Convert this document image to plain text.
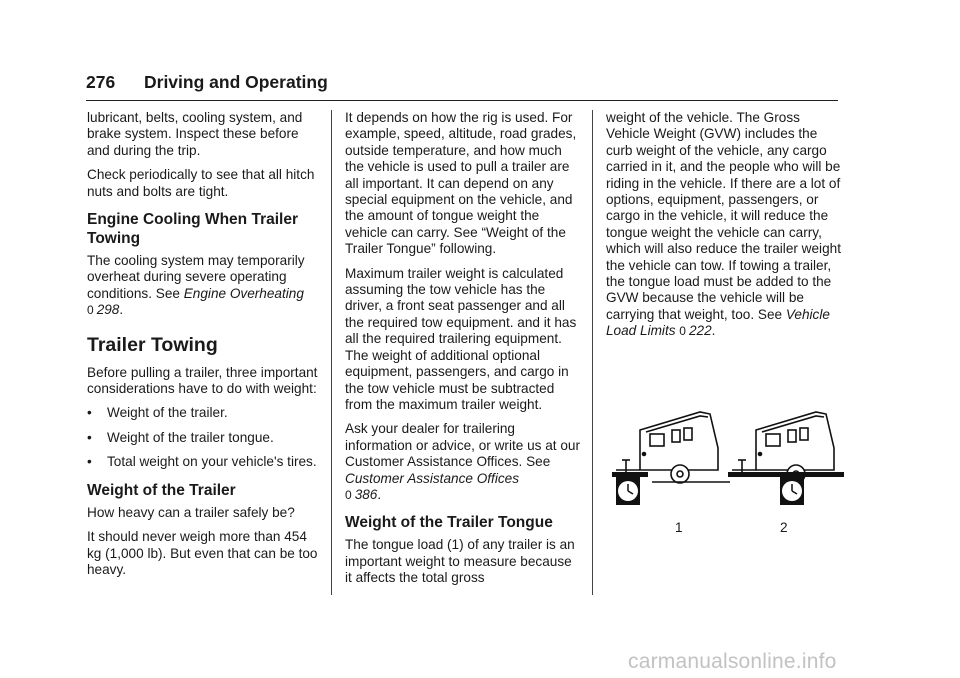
276 Driving and Operating

lubricant, belts, cooling system, and brake system. Inspect these before and during the trip.

Check periodically to see that all hitch nuts and bolts are tight.

Engine Cooling When Trailer Towing

The cooling system may temporarily overheat during severe operating conditions. See Engine Overheating
0 298.

Trailer Towing

Before pulling a trailer, three important considerations have to do with weight:

• Weight of the trailer.
• Weight of the trailer tongue.
• Total weight on your vehicle's tires.
Weight of the Trailer

How heavy can a trailer safely be?

It should never weigh more than 454 kg (1,000 lb). But even that can be too heavy.

It depends on how the rig is used. For example, speed, altitude, road grades, outside temperature, and how much the vehicle is used to pull a trailer are all important. It can depend on any special equipment on the vehicle, and the amount of tongue weight the vehicle can carry. See “Weight of the Trailer Tongue” following.

Maximum trailer weight is calculated assuming the tow vehicle has the driver, a front seat passenger and all the required tow equipment. and it has all the required trailering equipment. The weight of additional optional equipment, passengers, and cargo in the tow vehicle must be subtracted from the maximum trailer weight.

Ask your dealer for trailering information or advice, or write us at our Customer Assistance Offices. See Customer Assistance Offices
0 386.

Weight of the Trailer Tongue

The tongue load (1) of any trailer is an important weight to measure because it affects the total gross

weight of the vehicle. The Gross Vehicle Weight (GVW) includes the curb weight of the vehicle, any cargo carried in it, and the people who will be riding in the vehicle. If there are a lot of options, equipment, passengers, or cargo in the vehicle, it will reduce the tongue weight the vehicle can carry, which will also reduce the trailer weight the vehicle can tow. If towing a trailer, the tongue load must be added to the GVW because the vehicle will be carrying that weight, too. See Vehicle Load Limits 0 222.

1	2
carmanualsonline.info
